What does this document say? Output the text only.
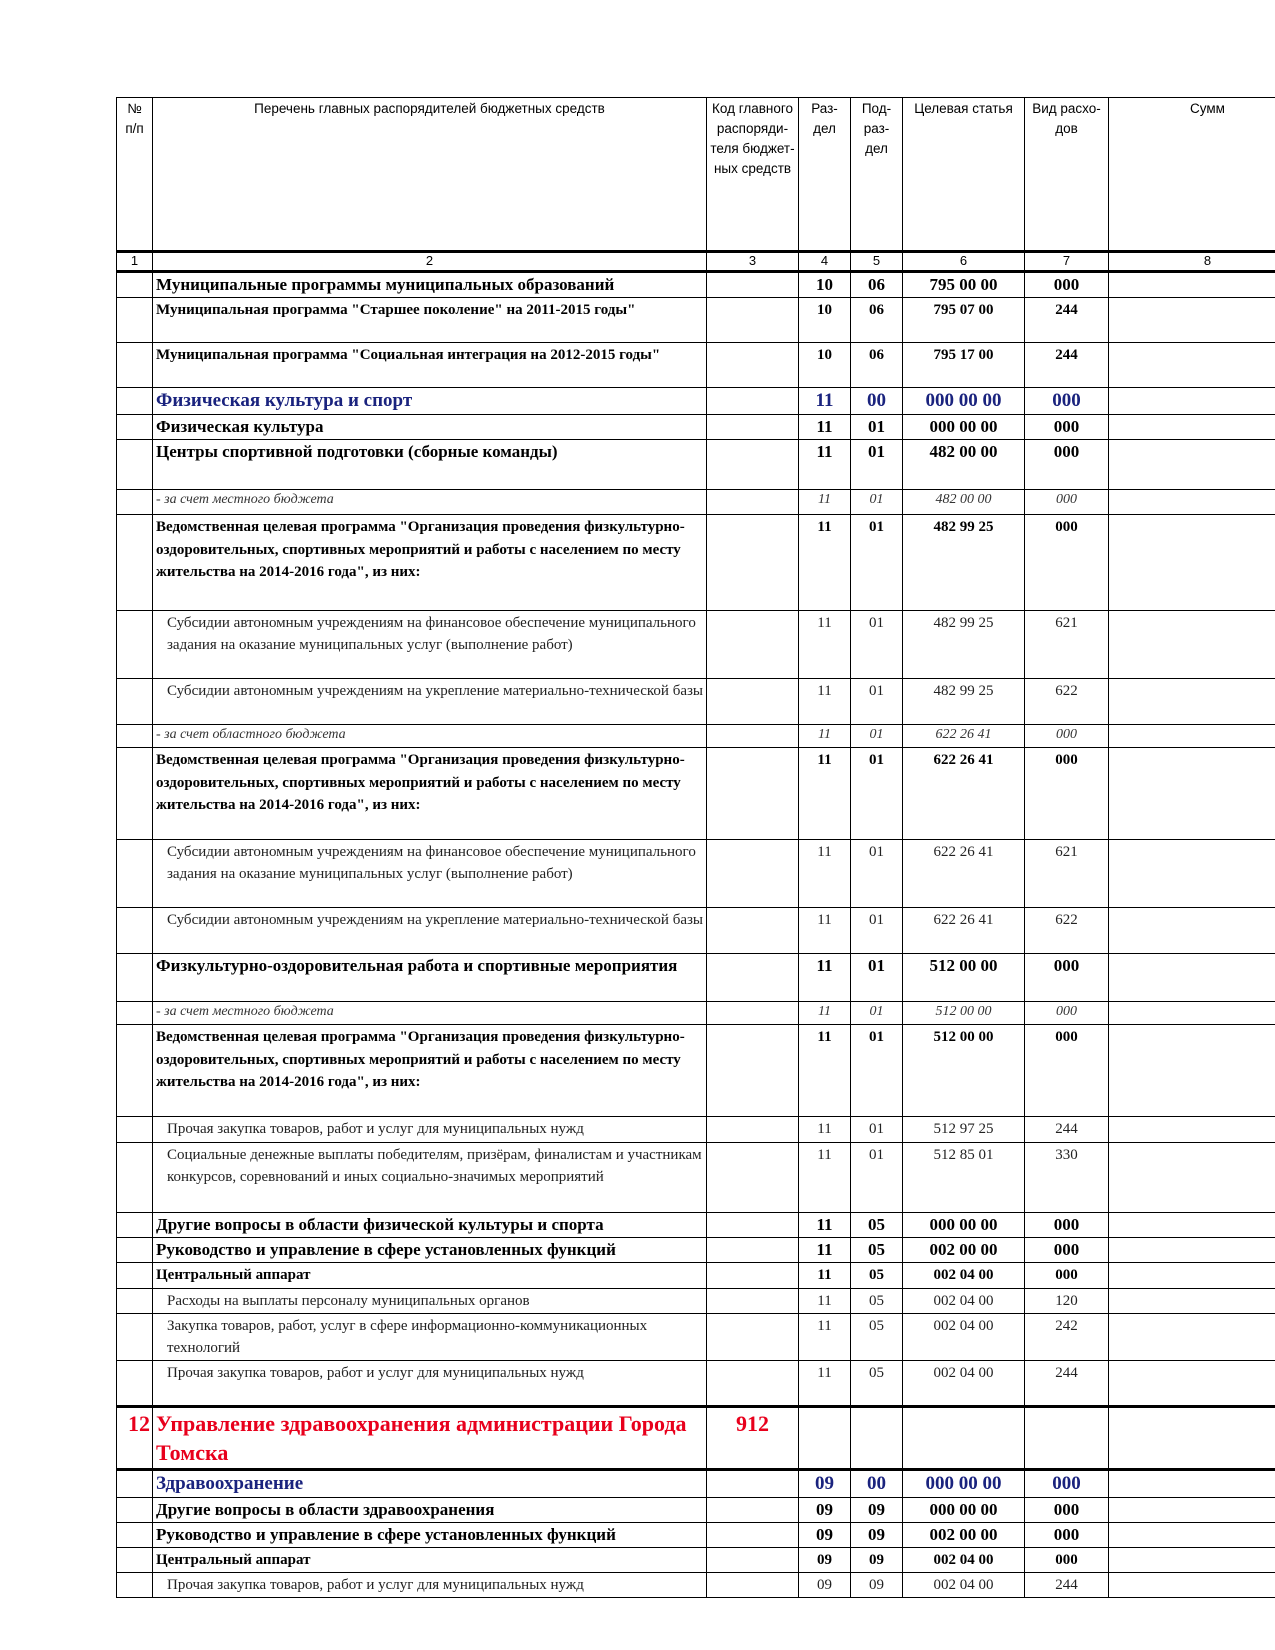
№ п/п	Перечень главных распорядителей бюджетных средств	Код главного распоряди-теля бюджет-ных средств	Раз-дел	Под-раз-дел	Целевая статья	Вид расхо-дов	Сумм
1	2	3	4	5	6	7	8
	Муниципальные программы муниципальных образований		10	06	795 00 00	000	
	Муниципальная программа "Старшее поколение" на 2011-2015 годы"		10	06	795 07 00	244	
	Муниципальная программа "Социальная интеграция на 2012-2015 годы"		10	06	795 17 00	244	
	Физическая культура и спорт		11	00	000 00 00	000	
	Физическая культура		11	01	000 00 00	000	
	Центры спортивной подготовки (сборные команды)		11	01	482 00 00	000	
	- за счет местного бюджета		11	01	482 00 00	000	
	Ведомственная целевая программа "Организация проведения физкультурно-оздоровительных, спортивных мероприятий и работы с населением по месту жительства на 2014-2016 года", из них:		11	01	482 99 25	000	
	Субсидии автономным учреждениям на финансовое обеспечение муниципального задания на оказание муниципальных услуг (выполнение работ)		11	01	482 99 25	621	
	Субсидии автономным учреждениям на укрепление материально-технической базы		11	01	482 99 25	622	
	- за счет областного бюджета		11	01	622 26 41	000	
	Ведомственная целевая программа "Организация проведения физкультурно-оздоровительных, спортивных мероприятий и работы с населением по месту жительства на 2014-2016 года", из них:		11	01	622 26 41	000	
	Субсидии автономным учреждениям на финансовое обеспечение муниципального задания на оказание муниципальных услуг (выполнение работ)		11	01	622 26 41	621	
	Субсидии автономным учреждениям на укрепление материально-технической базы		11	01	622 26 41	622	
	Физкультурно-оздоровительная работа и спортивные мероприятия		11	01	512 00 00	000	
	- за счет местного бюджета		11	01	512 00 00	000	
	Ведомственная целевая программа "Организация проведения физкультурно-оздоровительных, спортивных мероприятий и работы с населением по месту жительства на 2014-2016 года", из них:		11	01	512 00 00	000	
	Прочая закупка товаров, работ и услуг для муниципальных нужд		11	01	512 97 25	244	
	Социальные денежные выплаты победителям, призёрам, финалистам и участникам конкурсов, соревнований и иных социально-значимых мероприятий		11	01	512 85 01	330	
	Другие вопросы в области физической культуры и спорта		11	05	000 00 00	000	
	Руководство и управление в сфере установленных функций		11	05	002 00 00	000	
	Центральный аппарат		11	05	002 04 00	000	
	Расходы на выплаты персоналу муниципальных органов		11	05	002 04 00	120	
	Закупка товаров, работ, услуг в сфере информационно-коммуникационных технологий		11	05	002 04 00	242	
	Прочая закупка товаров, работ и услуг для муниципальных нужд		11	05	002 04 00	244	
12	Управление здравоохранения администрации Города Томска	912					
	Здравоохранение		09	00	000 00 00	000	
	Другие вопросы в области здравоохранения		09	09	000 00 00	000	
	Руководство и управление в сфере установленных функций		09	09	002 00 00	000	
	Центральный аппарат		09	09	002 04 00	000	
	Прочая закупка товаров, работ и услуг для муниципальных нужд		09	09	002 04 00	244	
